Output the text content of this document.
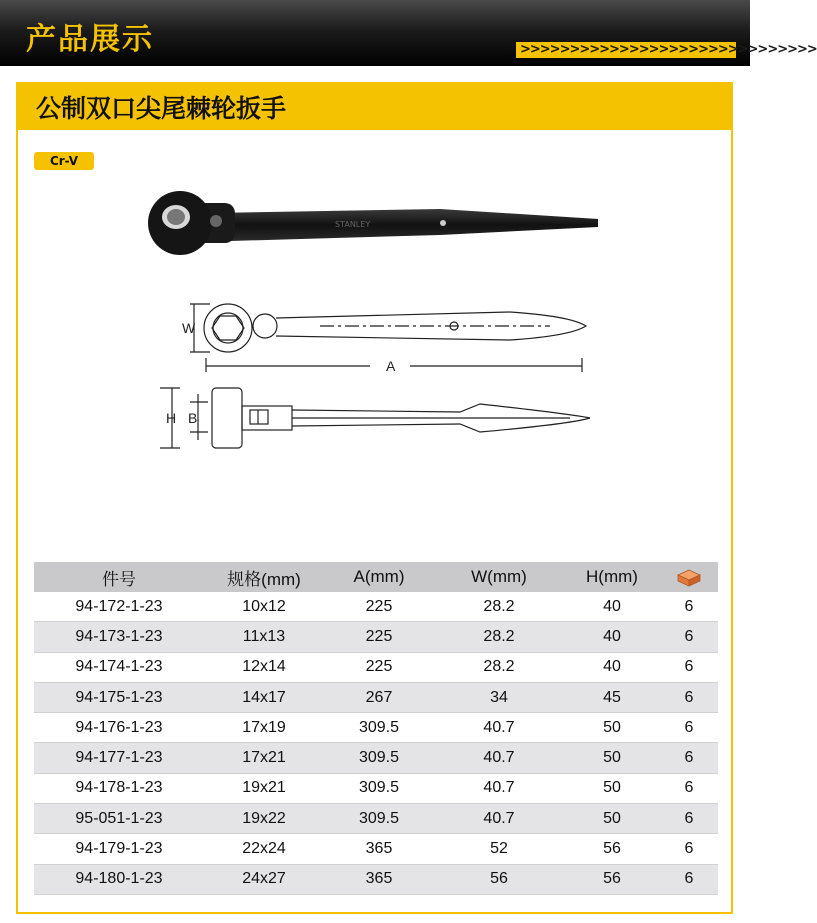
产品展示	>>>>>>>>>>>>>>>>>>>>>>>>>>>>>>
公制双口尖尾棘轮扳手
Cr-V
STANLEY
W
A
H B
件号	规格(mm)	A(mm)	W(mm)	H(mm)
94-172-1-23	10x12	225	28.2	40	6
94-173-1-23	11x13	225	28.2	40	6
94-174-1-23	12x14	225	28.2	40	6
94-175-1-23	14x17	267	34	45	6
94-176-1-23	17x19	309.5	40.7	50	6
94-177-1-23	17x21	309.5	40.7	50	6
94-178-1-23	19x21	309.5	40.7	50	6
95-051-1-23	19x22	309.5	40.7	50	6
94-179-1-23	22x24	365	52	56	6
94-180-1-23	24x27	365	56	56	6
